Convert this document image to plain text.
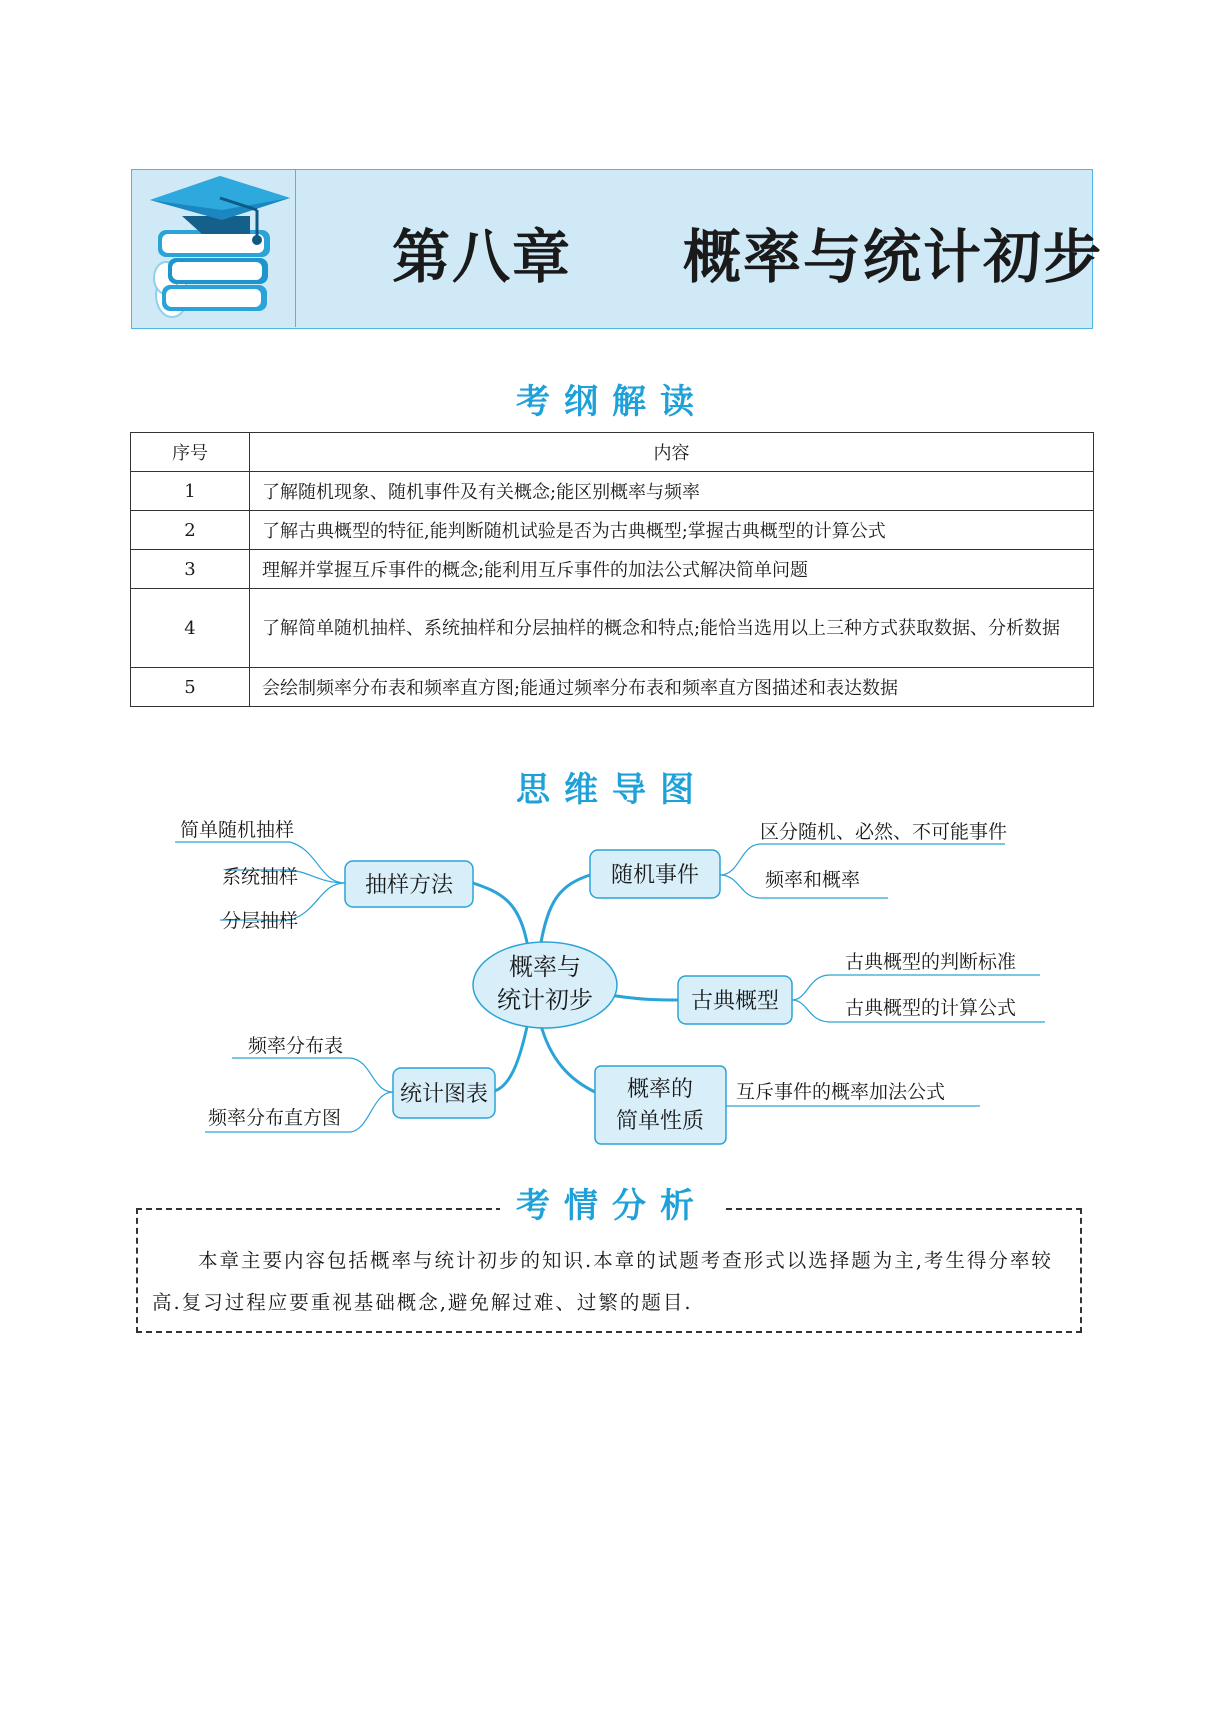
第八章     概率与统计初步
考纲解读
序号	内容
1	了解随机现象、随机事件及有关概念;能区别概率与频率
2	了解古典概型的特征,能判断随机试验是否为古典概型;掌握古典概型的计算公式
3	理解并掌握互斥事件的概念;能利用互斥事件的加法公式解决简单问题
4	了解简单随机抽样、系统抽样和分层抽样的概念和特点;能恰当选用以上三种方式获取数据、分析数据
5	会绘制频率分布表和频率直方图;能通过频率分布表和频率直方图描述和表达数据
思维导图
概率与
统计初步
抽样方法	随机事件
古典概型
统计图表	概率的
简单性质
简单随机抽样
系统抽样
分层抽样
区分随机、必然、不可能事件
频率和概率
古典概型的判断标准
古典概型的计算公式
频率分布表
频率分布直方图
互斥事件的概率加法公式
考情分析
本章主要内容包括概率与统计初步的知识.本章的试题考查形式以选择题为主,考生得分率较高.复习过程应要重视基础概念,避免解过难、过繁的题目.
